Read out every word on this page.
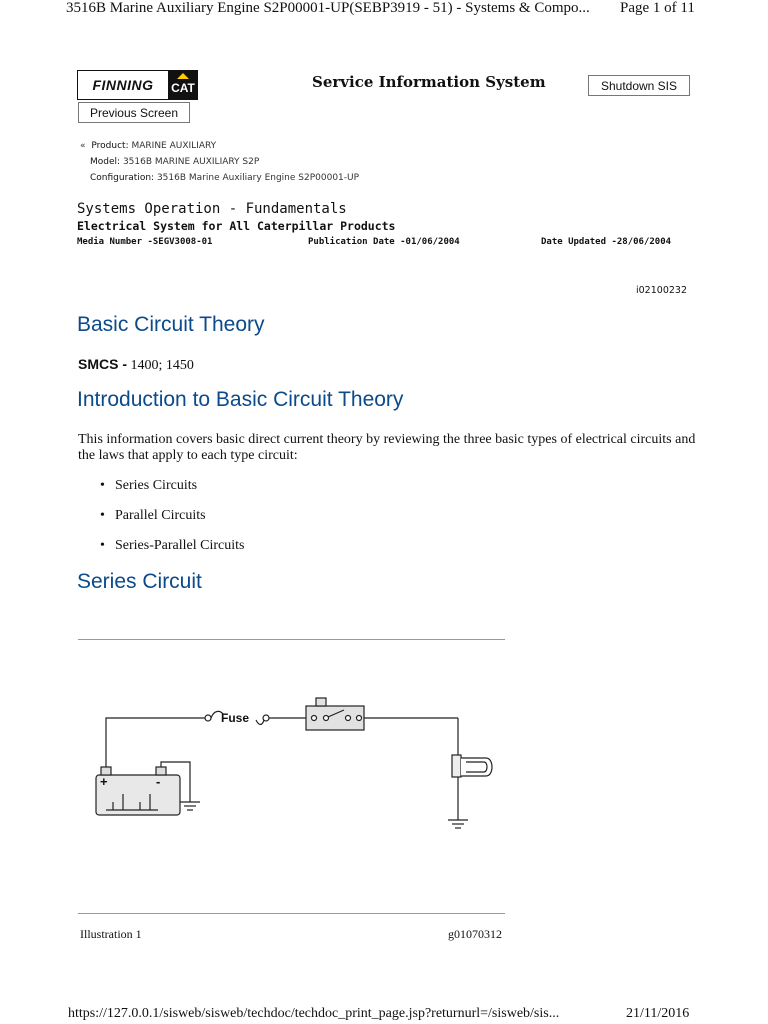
3516B Marine Auxiliary Engine S2P00001-UP(SEBP3919 - 51) - Systems & Compo... Page 1 of 11
FINNING	CAT	Service Information System	Shutdown SIS
Previous Screen
« Product: MARINE AUXILIARY
Model: 3516B MARINE AUXILIARY S2P
Configuration: 3516B Marine Auxiliary Engine S2P00001-UP
Systems Operation - Fundamentals
Electrical System for All Caterpillar Products
Media Number -SEGV3008-01	Publication Date -01/06/2004	Date Updated -28/06/2004
i02100232
Basic Circuit Theory
SMCS - 1400; 1450
Introduction to Basic Circuit Theory
This information covers basic direct current theory by reviewing the three basic types of electrical circuits and the laws that apply to each type circuit:
• Series Circuits
• Parallel Circuits
• Series-Parallel Circuits
Series Circuit
Fuse
+	-
Illustration 1	g01070312
https://127.0.0.1/sisweb/sisweb/techdoc/techdoc_print_page.jsp?returnurl=/sisweb/sis...	21/11/2016
